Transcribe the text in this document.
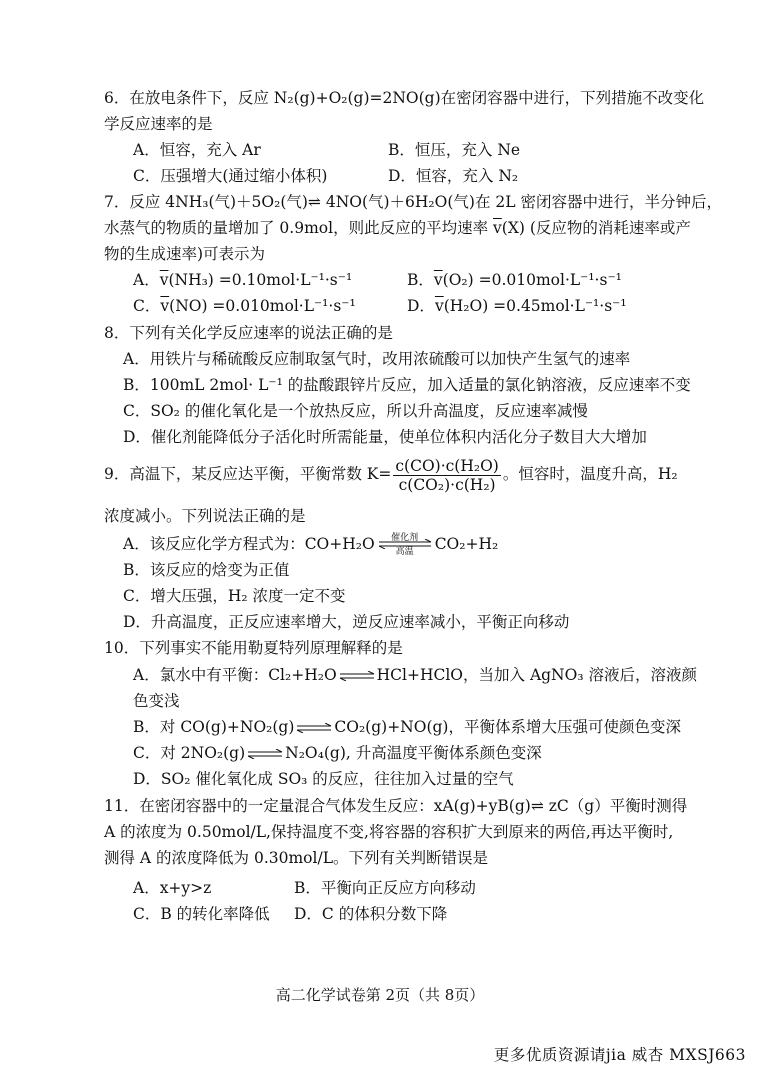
6．在放电条件下，反应 N₂(g)+O₂(g)=2NO(g)在密闭容器中进行，下列措施不改变化
学反应速率的是
A．恒容，充入 Ar	B．恒压，充入 Ne
C．压强增大(通过缩小体积)	D．恒容，充入 N₂
7．反应 4NH₃(气)＋5O₂(气)⇌ 4NO(气)＋6H₂O(气)在 2L 密闭容器中进行，半分钟后，
水蒸气的物质的量增加了 0.9mol，则此反应的平均速率 $\overline{v}(X)$ (反应物的消耗速率或产
物的生成速率)可表示为
A．$\overline{v}(NH_3) =0.10mol\cdot L^{-1}\cdot s^{-1}$	B．$\overline{v}(O_2) =0.010mol\cdot L^{-1}\cdot s^{-1}$
C．$\overline{v}(NO) =0.010mol\cdot L^{-1}\cdot s^{-1}$	D．$\overline{v}(H_2O) =0.45mol\cdot L^{-1}\cdot s^{-1}$
8．下列有关化学反应速率的说法正确的是
A．用铁片与稀硫酸反应制取氢气时，改用浓硫酸可以加快产生氢气的速率
B．100mL 2mol· L⁻¹ 的盐酸跟锌片反应，加入适量的氯化钠溶液，反应速率不变
C．SO₂ 的催化氧化是一个放热反应，所以升高温度，反应速率减慢
D．催化剂能降低分子活化时所需能量，使单位体积内活化分子数目大大增加
9．高温下，某反应达平衡，平衡常数 $K= \frac{\text{c(CO)·c(H₂O)}}{\text{c(CO₂)·c(H₂)}}$ 。恒容时，温度升高，H₂
浓度减小。下列说法正确的是
A．该反应化学方程式为：CO+H₂O	催化剂
高温	CO₂+H₂
B．该反应的焓变为正值
C．增大压强，H₂ 浓度一定不变
D．升高温度，正反应速率增大，逆反应速率减小，平衡正向移动
10．下列事实不能用勒夏特列原理解释的是
A．氯水中有平衡：Cl₂+H₂O ⇌ HCl+HClO，当加入 AgNO₃ 溶液后，溶液颜
色变浅
B．对 CO(g)+NO₂(g) ⇌ CO₂(g)+NO(g)，平衡体系增大压强可使颜色变深
C．对 2NO₂(g) ⇌ N₂O₄(g), 升高温度平衡体系颜色变深
D．SO₂ 催化氧化成 SO₃ 的反应，往往加入过量的空气
11．在密闭容器中的一定量混合气体发生反应：xA(g)+yB(g)⇌ zC（g）平衡时测得
A 的浓度为 0.50mol/L,保持温度不变,将容器的容积扩大到原来的两倍,再达平衡时,
测得 A 的浓度降低为 0.30mol/L。下列有关判断错误是
A．x+y>z	B．平衡向正反应方向移动
C．B 的转化率降低 D．C 的体积分数下降
高二化学试卷第 2页（共 8页）
更多优质资源请jia 威杏 MXSJ663
